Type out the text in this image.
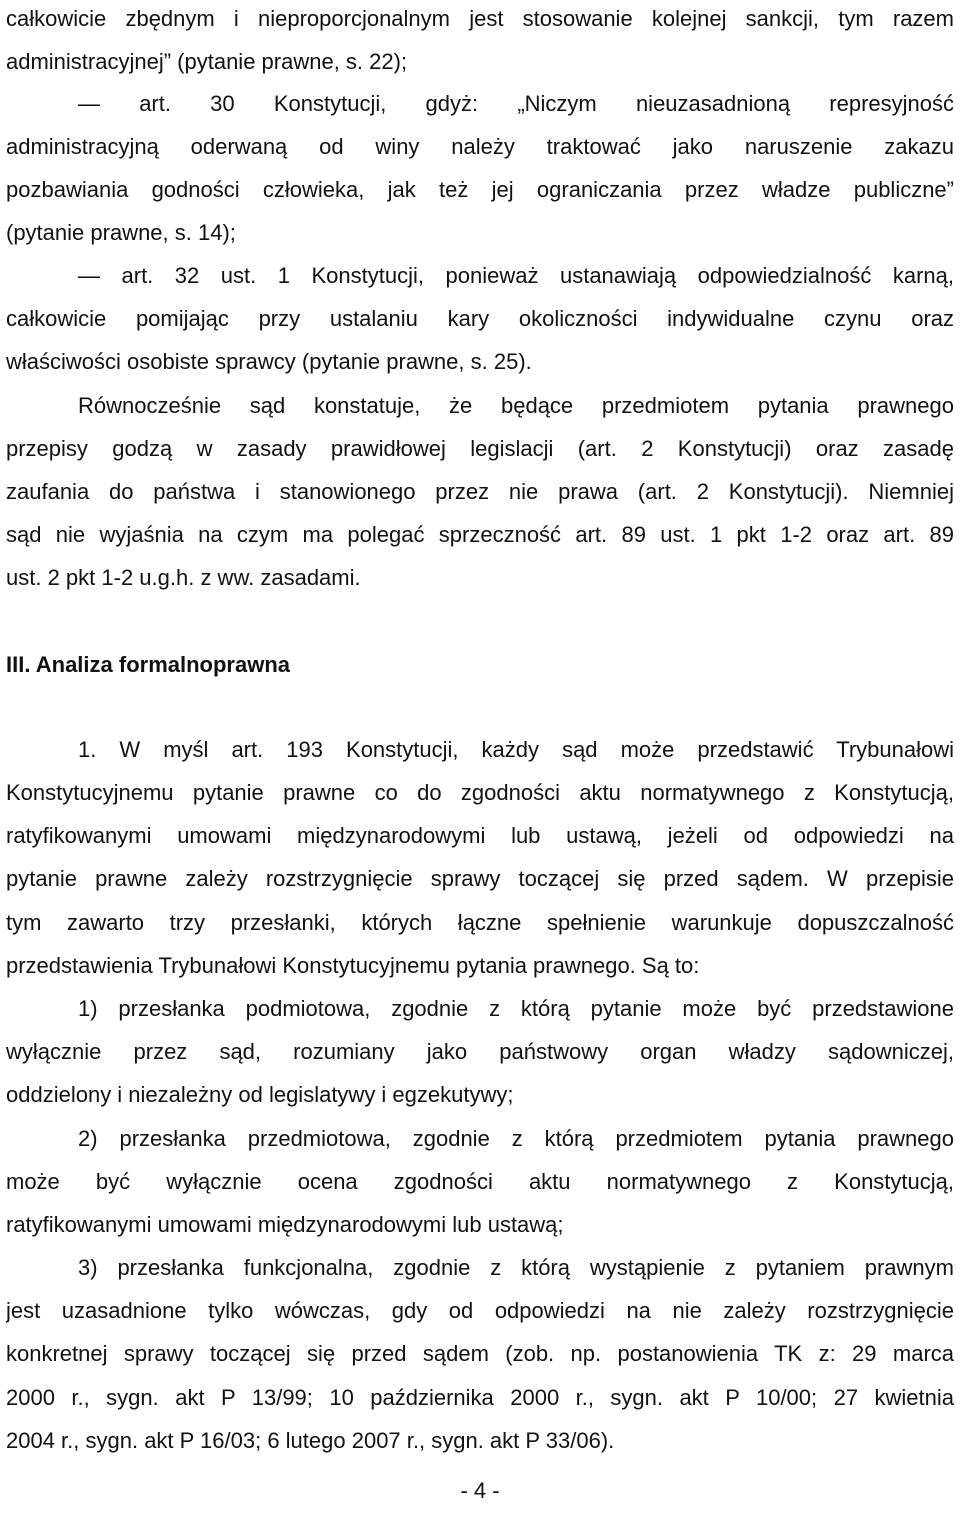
całkowicie zbędnym i nieproporcjonalnym jest stosowanie kolejnej sankcji, tym razem
administracyjnej” (pytanie prawne, s. 22);
— art. 30 Konstytucji, gdyż: „Niczym nieuzasadnioną represyjność
administracyjną oderwaną od winy należy traktować jako naruszenie zakazu
pozbawiania godności człowieka, jak też jej ograniczania przez władze publiczne”
(pytanie prawne, s. 14);
— art. 32 ust. 1 Konstytucji, ponieważ ustanawiają odpowiedzialność karną,
całkowicie pomijając przy ustalaniu kary okoliczności indywidualne czynu oraz
właściwości osobiste sprawcy (pytanie prawne, s. 25).
Równocześnie sąd konstatuje, że będące przedmiotem pytania prawnego
przepisy godzą w zasady prawidłowej legislacji (art. 2 Konstytucji) oraz zasadę
zaufania do państwa i stanowionego przez nie prawa (art. 2 Konstytucji). Niemniej
sąd nie wyjaśnia na czym ma polegać sprzeczność art. 89 ust. 1 pkt 1-2 oraz art. 89
ust. 2 pkt 1-2 u.g.h. z ww. zasadami.
III. Analiza formalnoprawna
1. W myśl art. 193 Konstytucji, każdy sąd może przedstawić Trybunałowi
Konstytucyjnemu pytanie prawne co do zgodności aktu normatywnego z Konstytucją,
ratyfikowanymi umowami międzynarodowymi lub ustawą, jeżeli od odpowiedzi na
pytanie prawne zależy rozstrzygnięcie sprawy toczącej się przed sądem. W przepisie
tym zawarto trzy przesłanki, których łączne spełnienie warunkuje dopuszczalność
przedstawienia Trybunałowi Konstytucyjnemu pytania prawnego. Są to:
1) przesłanka podmiotowa, zgodnie z którą pytanie może być przedstawione
wyłącznie przez sąd, rozumiany jako państwowy organ władzy sądowniczej,
oddzielony i niezależny od legislatywy i egzekutywy;
2) przesłanka przedmiotowa, zgodnie z którą przedmiotem pytania prawnego
może być wyłącznie ocena zgodności aktu normatywnego z Konstytucją,
ratyfikowanymi umowami międzynarodowymi lub ustawą;
3) przesłanka funkcjonalna, zgodnie z którą wystąpienie z pytaniem prawnym
jest uzasadnione tylko wówczas, gdy od odpowiedzi na nie zależy rozstrzygnięcie
konkretnej sprawy toczącej się przed sądem (zob. np. postanowienia TK z: 29 marca
2000 r., sygn. akt P 13/99; 10 października 2000 r., sygn. akt P 10/00; 27 kwietnia
2004 r., sygn. akt P 16/03; 6 lutego 2007 r., sygn. akt P 33/06).
- 4 -
